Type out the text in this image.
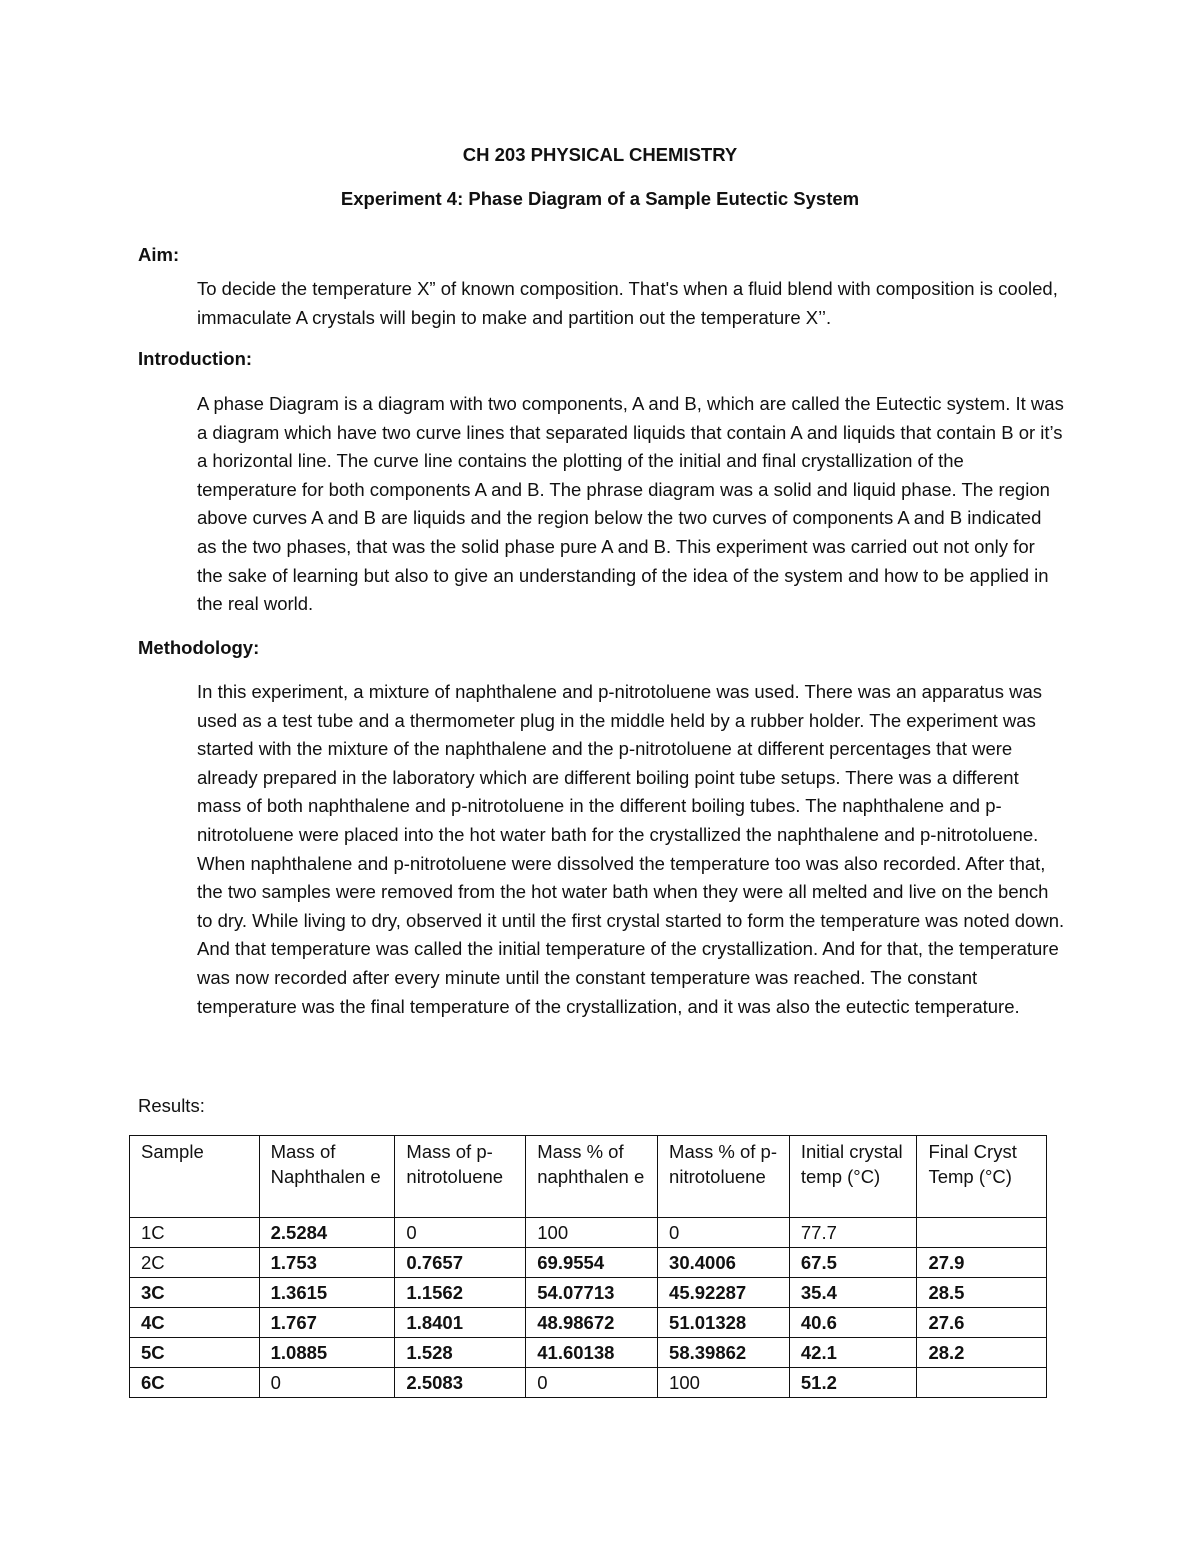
CH 203 PHYSICAL CHEMISTRY

Experiment 4: Phase Diagram of a Sample Eutectic System

Aim:

To decide the temperature X” of known composition. That's when a fluid blend with composition is cooled, immaculate A crystals will begin to make and partition out the temperature X’’.

Introduction:

A phase Diagram is a diagram with two components, A and B, which are called the Eutectic system. It was a diagram which have two curve lines that separated liquids that contain A and liquids that contain B or it’s a horizontal line. The curve line contains the plotting of the initial and final crystallization of the temperature for both components A and B. The phrase diagram was a solid and liquid phase. The region above curves A and B are liquids and the region below the two curves of components A and B indicated as the two phases, that was the solid phase pure A and B. This experiment was carried out not only for the sake of learning but also to give an understanding of the idea of the system and how to be applied in the real world.

Methodology:

In this experiment, a mixture of naphthalene and p-nitrotoluene was used. There was an apparatus was used as a test tube and a thermometer plug in the middle held by a rubber holder. The experiment was started with the mixture of the naphthalene and the p-nitrotoluene at different percentages that were already prepared in the laboratory which are different boiling point tube setups. There was a different mass of both naphthalene and p-nitrotoluene in the different boiling tubes. The naphthalene and p-nitrotoluene were placed into the hot water bath for the crystallized the naphthalene and p-nitrotoluene. When naphthalene and p-nitrotoluene were dissolved the temperature too was also recorded. After that, the two samples were removed from the hot water bath when they were all melted and live on the bench to dry. While living to dry, observed it until the first crystal started to form the temperature was noted down. And that temperature was called the initial temperature of the crystallization. And for that, the temperature was now recorded after every minute until the constant temperature was reached. The constant temperature was the final temperature of the crystallization, and it was also the eutectic temperature.

Results:

Sample	Mass of Naphthalen e	Mass of p-nitrotoluene	Mass % of naphthalen e	Mass % of p-nitrotoluene	Initial crystal temp (°C)	Final Cryst Temp (°C)
1C	2.5284	0	100	0	77.7	
2C	1.753	0.7657	69.9554	30.4006	67.5	27.9
3C	1.3615	1.1562	54.07713	45.92287	35.4	28.5
4C	1.767	1.8401	48.98672	51.01328	40.6	27.6
5C	1.0885	1.528	41.60138	58.39862	42.1	28.2
6C	0	2.5083	0	100	51.2	
